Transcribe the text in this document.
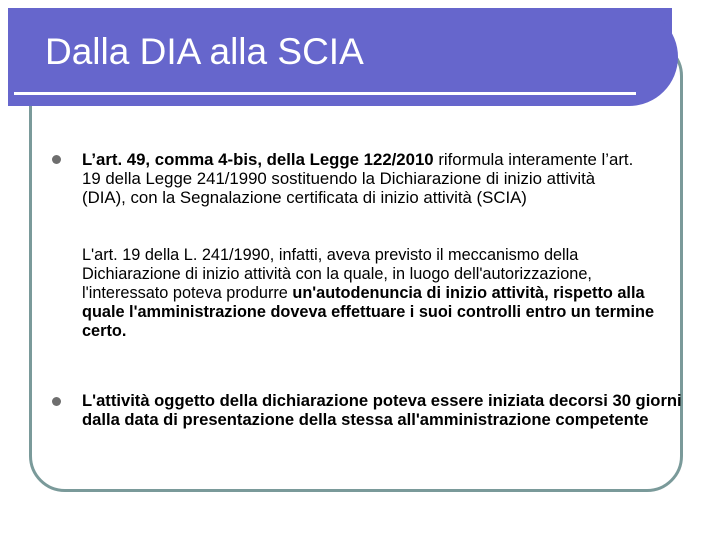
Dalla DIA alla SCIA
L’art. 49, comma 4-bis, della Legge 122/2010 riformula interamente l’art. 19 della Legge 241/1990 sostituendo la Dichiarazione di inizio attività (DIA), con la Segnalazione certificata di inizio attività (SCIA)
L'art. 19 della L. 241/1990, infatti, aveva previsto il meccanismo della Dichiarazione di inizio attività con la quale, in luogo dell'autorizzazione, l'interessato poteva produrre un'autodenuncia di inizio attività, rispetto alla quale l'amministrazione doveva effettuare i suoi controlli entro un termine certo.
L'attività oggetto della dichiarazione poteva essere iniziata decorsi 30 giorni dalla data di presentazione della stessa all'amministrazione competente
